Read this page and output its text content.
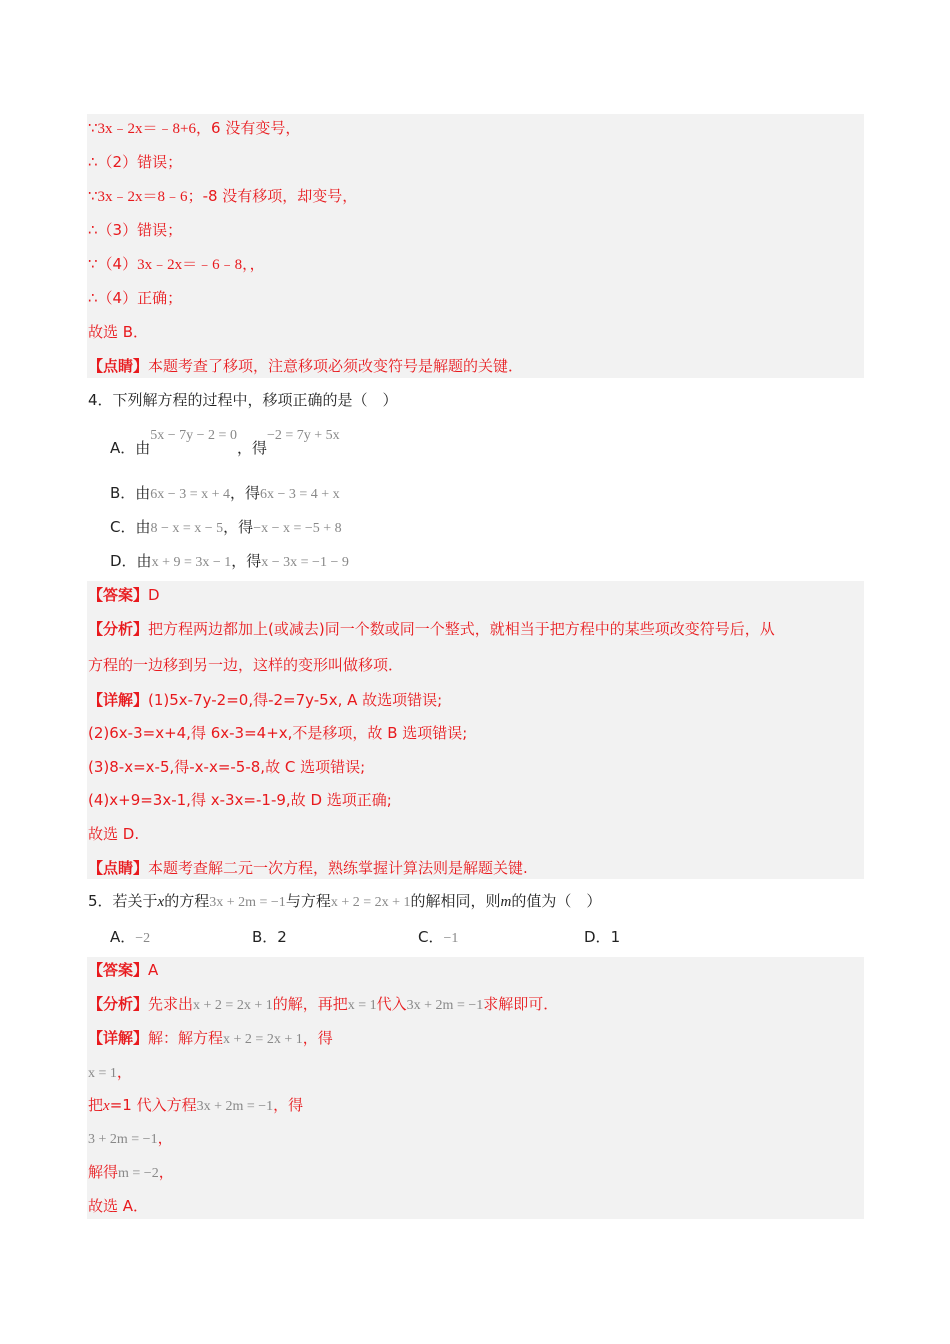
∵3x﹣2x＝﹣8+6，6 没有变号，
∴（2）错误；
∵3x﹣2x＝8﹣6；-8 没有移项，却变号，
∴（3）错误；
∵（4）3x﹣2x＝﹣6﹣8，，
∴（4）正确；
故选 B．
【点睛】本题考查了移项，注意移项必须改变符号是解题的关键．
4．下列解方程的过程中，移项正确的是（　）
A．由5x − 7y − 2 = 0，得−2 = 7y + 5x
B．由6x − 3 = x + 4，得6x − 3 = 4 + x
C．由8 − x = x − 5，得−x − x = −5 + 8
D．由x + 9 = 3x − 1，得x − 3x = −1 − 9
【答案】D
【分析】把方程两边都加上(或减去)同一个数或同一个整式，就相当于把方程中的某些项改变符号后，从
方程的一边移到另一边，这样的变形叫做移项．
【详解】(1)5x-7y-2=0,得-2=7y-5x, A 故选项错误;
(2)6x-3=x+4,得 6x-3=4+x,不是移项，故 B 选项错误;
(3)8-x=x-5,得-x-x=-5-8,故 C 选项错误;
(4)x+9=3x-1,得 x-3x=-1-9,故 D 选项正确;
故选 D.
【点睛】本题考查解二元一次方程，熟练掌握计算法则是解题关键.
5．若关于x的方程3x + 2m = −1与方程x + 2 = 2x + 1的解相同，则m的值为（　）
A．−2	B．2	C．−1	D．1
【答案】A
【分析】先求出x + 2 = 2x + 1的解，再把x = 1代入3x + 2m = −1求解即可．
【详解】解：解方程x + 2 = 2x + 1，得
x = 1，
把x=1 代入方程3x + 2m = −1，得
3 + 2m = −1，
解得m = −2，
故选 A．
